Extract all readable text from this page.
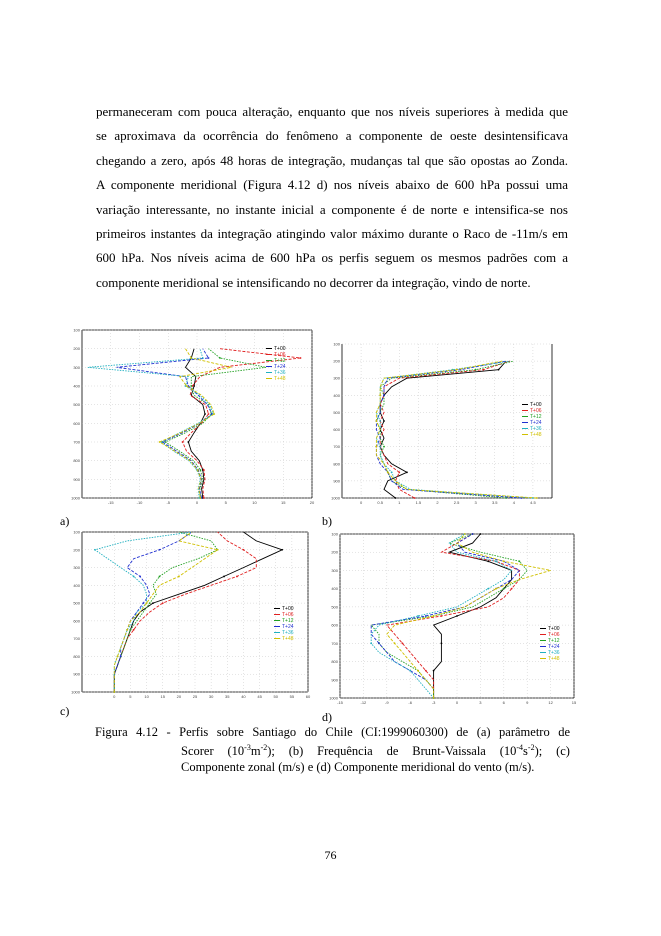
permaneceram com pouca alteração, enquanto que nos níveis superiores à medida que
se aproximava da ocorrência do fenômeno a componente de oeste desintensificava
chegando a zero, após 48 horas de integração, mudanças tal que são opostas ao Zonda.
A componente meridional (Figura 4.12 d) nos níveis abaixo de 600 hPa possui uma
variação interessante, no instante inicial a componente é de norte e intensifica-se nos
primeiros instantes da integração atingindo valor máximo durante o Raco de -11m/s em
600 hPa. Nos níveis acima de 600 hPa os perfis seguem os mesmos padrões com a
componente meridional se intensificando no decorrer da integração, vindo de norte.
100
200
300
400
500
600
700
800
900
1000
-15	-10	-5	0	5	10	15	20
T+00
T+06
T+12
T+24
T+36
T+48
a)
100
200
300
400
500
600
700
800
900
1000
0	0.5	1	1.5	2	2.5	3	3.5	4	4.5
T+00
T+06
T+12
T+24
T+36
T+48
b)
100
200
300
400
500
600
700
800
900
1000
0	5	10	15	20	25	30	35	40	45	50	55	60
T+00
T+06
T+12
T+24
T+36
T+48
c)
100
200
300
400
500
600
700
800
900
1000
-15	-12	-9	-6	-3	0	3	6	9	12	15
T+00
T+06
T+12
T+24
T+36
T+48
d)
Figura 4.12 - Perfis sobre Santiago do Chile (CI:1999060300) de (a) parâmetro de
Scorer $(10^{-3}m^{-2})$; (b) Frequência de Brunt-Vaissala $(10^{-4}s^{-2})$; (c)
Componente zonal (m/s) e (d) Componente meridional do vento (m/s).
76
